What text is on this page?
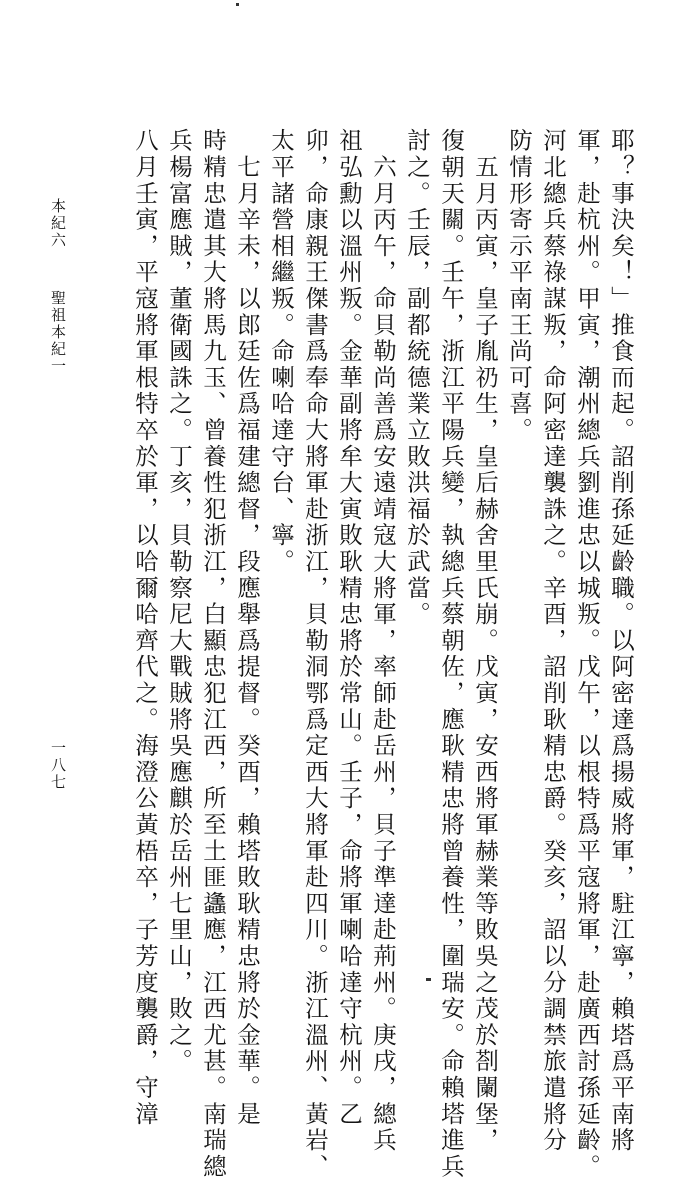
耶？事決矣！」推食而起。詔削孫延齡職。以阿密達爲揚威將軍，駐江寧，賴塔爲平南將
軍，赴杭州。甲寅，潮州總兵劉進忠以城叛。戊午，以根特爲平寇將軍，赴廣西討孫延齡。
河北總兵蔡祿謀叛，命阿密達襲誅之。辛酉，詔削耿精忠爵。癸亥，詔以分調禁旅遣將分
防情形寄示平南王尚可喜。
　五月丙寅，皇子胤礽生，皇后赫舍里氏崩。戊寅，安西將軍赫業等敗吳之茂於剳闌堡，
復朝天關。壬午，浙江平陽兵變，執總兵蔡朝佐，應耿精忠將曾養性，圍瑞安。命賴塔進兵
討之。壬辰，副都統德業立敗洪福於武當。
　六月丙午，命貝勒尚善爲安遠靖寇大將軍，率師赴岳州，貝子準達赴荊州。庚戌，總兵
祖弘勳以溫州叛。金華副將牟大寅敗耿精忠將於常山。壬子，命將軍喇哈達守杭州。乙
卯，命康親王傑書爲奉命大將軍赴浙江，貝勒洞鄂爲定西大將軍赴四川。浙江溫州、黃岩、
太平諸營相繼叛。命喇哈達守台、寧。
　七月辛未，以郎廷佐爲福建總督，段應舉爲提督。癸酉，賴塔敗耿精忠將於金華。是
時精忠遣其大將馬九玉、曾養性犯浙江，白顯忠犯江西，所至土匪蠭應，江西尤甚。南瑞總
兵楊富應賊，董衛國誅之。丁亥，貝勒察尼大戰賊將吳應麒於岳州七里山，敗之。
八月壬寅，平寇將軍根特卒於軍，以哈爾哈齊代之。海澄公黃梧卒，子芳度襲爵，守漳
本紀六
聖祖本紀一
一八七
